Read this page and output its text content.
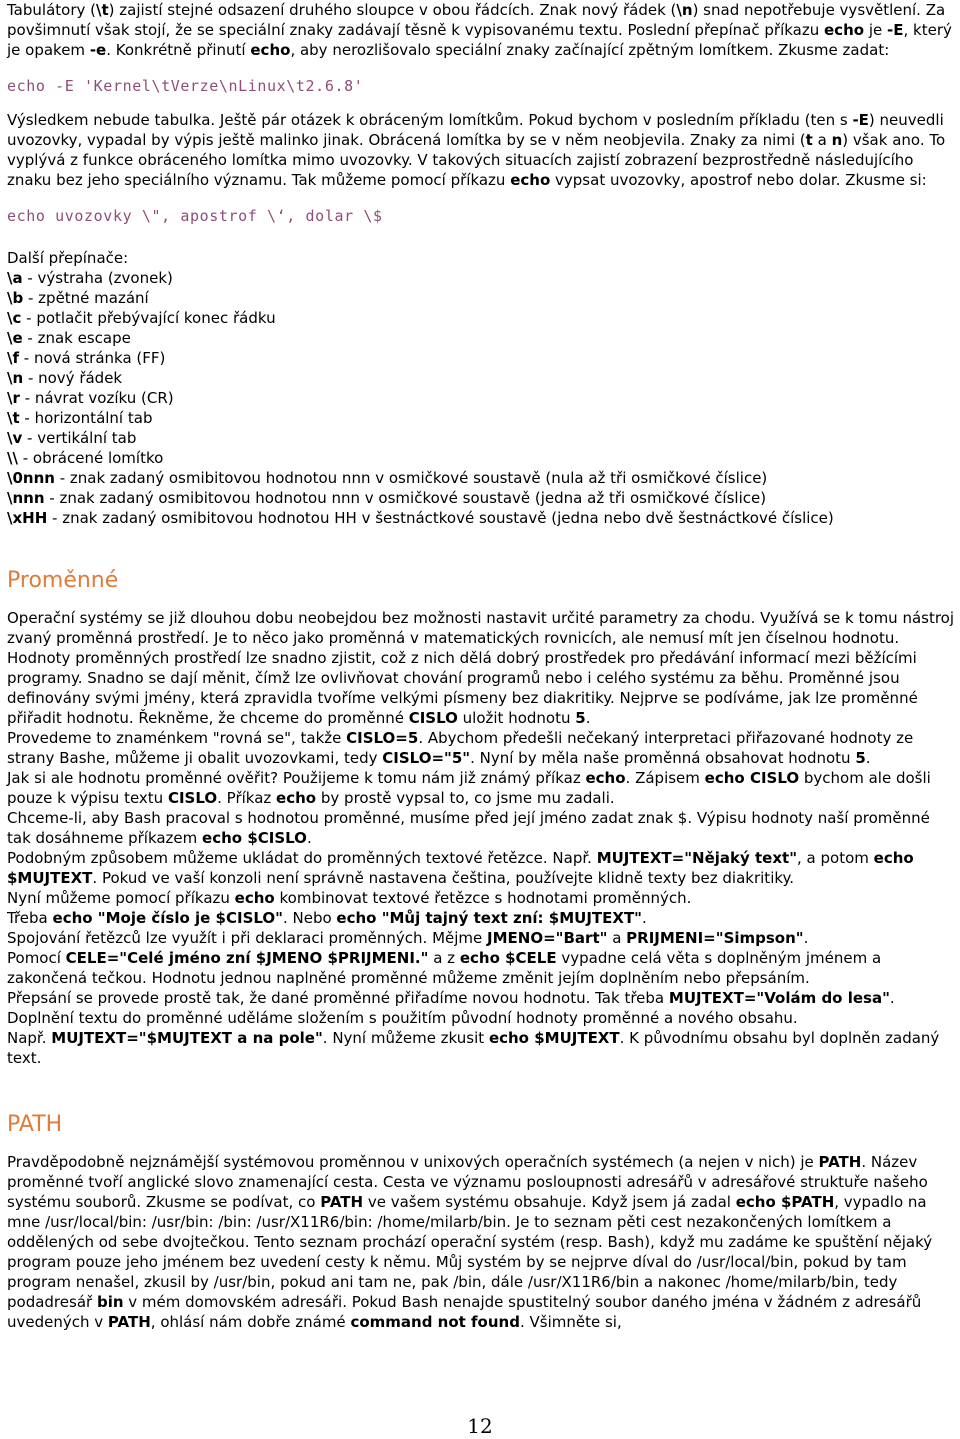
Tabulátory (\t) zajistí stejné odsazení druhého sloupce v obou řádcích. Znak nový řádek (\n) snad nepotřebuje vysvětlení. Za povšimnutí však stojí, že se speciální znaky zadávají těsně k vypisovanému textu. Poslední přepínač příkazu echo je -E, který je opakem -e. Konkrétně přinutí echo, aby nerozlišovalo speciální znaky začínající zpětným lomítkem. Zkusme zadat:

echo -E 'Kernel\tVerze\nLinux\t2.6.8'

Výsledkem nebude tabulka. Ještě pár otázek k obráceným lomítkům. Pokud bychom v posledním příkladu (ten s -E) neuvedli uvozovky, vypadal by výpis ještě malinko jinak. Obrácená lomítka by se v něm neobjevila. Znaky za nimi (t a n) však ano. To vyplývá z funkce obráceného lomítka mimo uvozovky. V takových situacích zajistí zobrazení bezprostředně následujícího znaku bez jeho speciálního významu. Tak můžeme pomocí příkazu echo vypsat uvozovky, apostrof nebo dolar. Zkusme si:

echo uvozovky \", apostrof \‘, dolar \$

Další přepínače:

\a - výstraha (zvonek)
\b - zpětné mazání
\c - potlačit přebývající konec řádku
\e - znak escape
\f - nová stránka (FF)
\n - nový řádek
\r - návrat vozíku (CR)
\t - horizontální tab
\v - vertikální tab
\\ - obrácené lomítko
\0nnn - znak zadaný osmibitovou hodnotou nnn v osmičkové soustavě (nula až tři osmičkové číslice)
\nnn - znak zadaný osmibitovou hodnotou nnn v osmičkové soustavě (jedna až tři osmičkové číslice)
\xHH - znak zadaný osmibitovou hodnotou HH v šestnáctkové soustavě (jedna nebo dvě šestnáctkové číslice)
Proměnné

Operační systémy se již dlouhou dobu neobejdou bez možnosti nastavit určité parametry za chodu. Využívá se k tomu nástroj zvaný proměnná prostředí. Je to něco jako proměnná v matematických rovnicích, ale nemusí mít jen číselnou hodnotu. Hodnoty proměnných prostředí lze snadno zjistit, což z nich dělá dobrý prostředek pro předávání informací mezi běžícími programy. Snadno se dají měnit, čímž lze ovlivňovat chování programů nebo i celého systému za běhu. Proměnné jsou definovány svými jmény, která zpravidla tvoříme velkými písmeny bez diakritiky. Nejprve se podíváme, jak lze proměnné přiřadit hodnotu. Řekněme, že chceme do proměnné CISLO uložit hodnotu 5.

Provedeme to znaménkem "rovná se", takže CISLO=5. Abychom předešli nečekaný interpretaci přiřazované hodnoty ze strany Bashe, můžeme ji obalit uvozovkami, tedy CISLO="5". Nyní by měla naše proměnná obsahovat hodnotu 5.

Jak si ale hodnotu proměnné ověřit? Použijeme k tomu nám již známý příkaz echo. Zápisem echo CISLO bychom ale došli pouze k výpisu textu CISLO. Příkaz echo by prostě vypsal to, co jsme mu zadali.

Chceme-li, aby Bash pracoval s hodnotou proměnné, musíme před její jméno zadat znak $. Výpisu hodnoty naší proměnné tak dosáhneme příkazem echo $CISLO.

Podobným způsobem můžeme ukládat do proměnných textové řetězce. Např. MUJTEXT="Nějaký text", a potom echo $MUJTEXT. Pokud ve vaší konzoli není správně nastavena čeština, používejte klidně texty bez diakritiky.

Nyní můžeme pomocí příkazu echo kombinovat textové řetězce s hodnotami proměnných.

Třeba echo "Moje číslo je $CISLO". Nebo echo "Můj tajný text zní: $MUJTEXT".

Spojování řetězců lze využít i při deklaraci proměnných. Mějme JMENO="Bart" a PRIJMENI="Simpson".

Pomocí CELE="Celé jméno zní $JMENO $PRIJMENI." a z echo $CELE vypadne celá věta s doplněným jménem a zakončená tečkou. Hodnotu jednou naplněné proměnné můžeme změnit jejím doplněním nebo přepsáním.

Přepsání se provede prostě tak, že dané proměnné přiřadíme novou hodnotu. Tak třeba MUJTEXT="Volám do lesa".

Doplnění textu do proměnné uděláme složením s použitím původní hodnoty proměnné a nového obsahu.

Např. MUJTEXT="$MUJTEXT a na pole". Nyní můžeme zkusit echo $MUJTEXT. K původnímu obsahu byl doplněn zadaný text.

PATH

Pravděpodobně nejznámější systémovou proměnnou v unixových operačních systémech (a nejen v nich) je PATH. Název proměnné tvoří anglické slovo znamenající cesta. Cesta ve významu posloupnosti adresářů v adresářové struktuře našeho systému souborů. Zkusme se podívat, co PATH ve vašem systému obsahuje. Když jsem já zadal echo $PATH, vypadlo na mne /usr/local/bin: /usr/bin: /bin: /usr/X11R6/bin: /home/milarb/bin. Je to seznam pěti cest nezakončených lomítkem a oddělených od sebe dvojtečkou. Tento seznam prochází operační systém (resp. Bash), když mu zadáme ke spuštění nějaký program pouze jeho jménem bez uvedení cesty k němu. Můj systém by se nejprve díval do /usr/local/bin, pokud by tam program nenašel, zkusil by /usr/bin, pokud ani tam ne, pak /bin, dále /usr/X11R6/bin a nakonec /home/milarb/bin, tedy podadresář bin v mém domovském adresáři. Pokud Bash nenajde spustitelný soubor daného jména v žádném z adresářů uvedených v PATH, ohlásí nám dobře známé command not found. Všimněte si,

12
